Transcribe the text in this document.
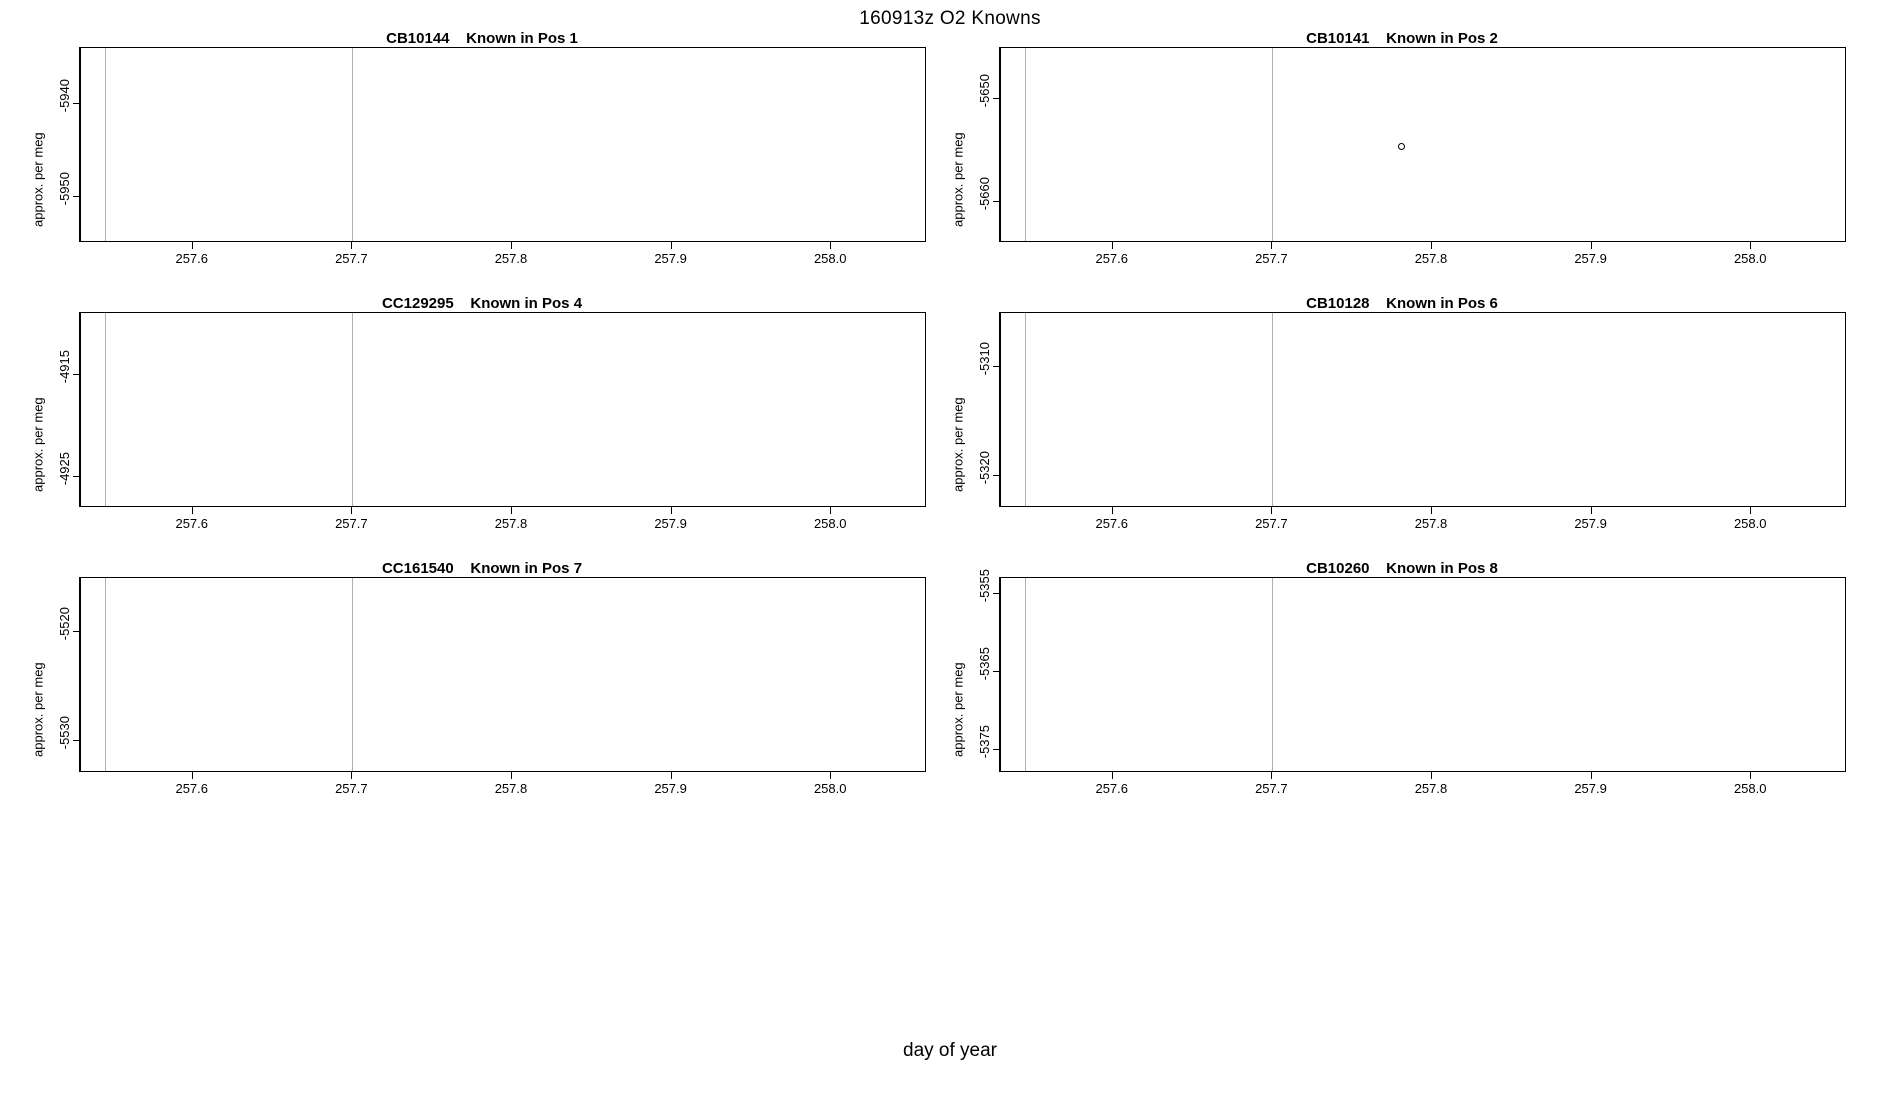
160913z O2 Knowns
CB10144    Known in Pos 1
approx. per meg -5950
-5940
257.6	257.7	257.8	257.9	258.0
CB10141    Known in Pos 2
approx. per meg -5660
-5650
257.6	257.7	257.8	257.9	258.0
CC129295    Known in Pos 4
approx. per meg -4925
-4915
257.6	257.7	257.8	257.9	258.0
CB10128    Known in Pos 6
approx. per meg -5320
-5310
257.6	257.7	257.8	257.9	258.0
CC161540    Known in Pos 7
approx. per meg -5530
-5520
257.6	257.7	257.8	257.9	258.0
CB10260    Known in Pos 8
approx. per meg -5375
-5365
-5355
257.6	257.7	257.8	257.9	258.0
day of year
